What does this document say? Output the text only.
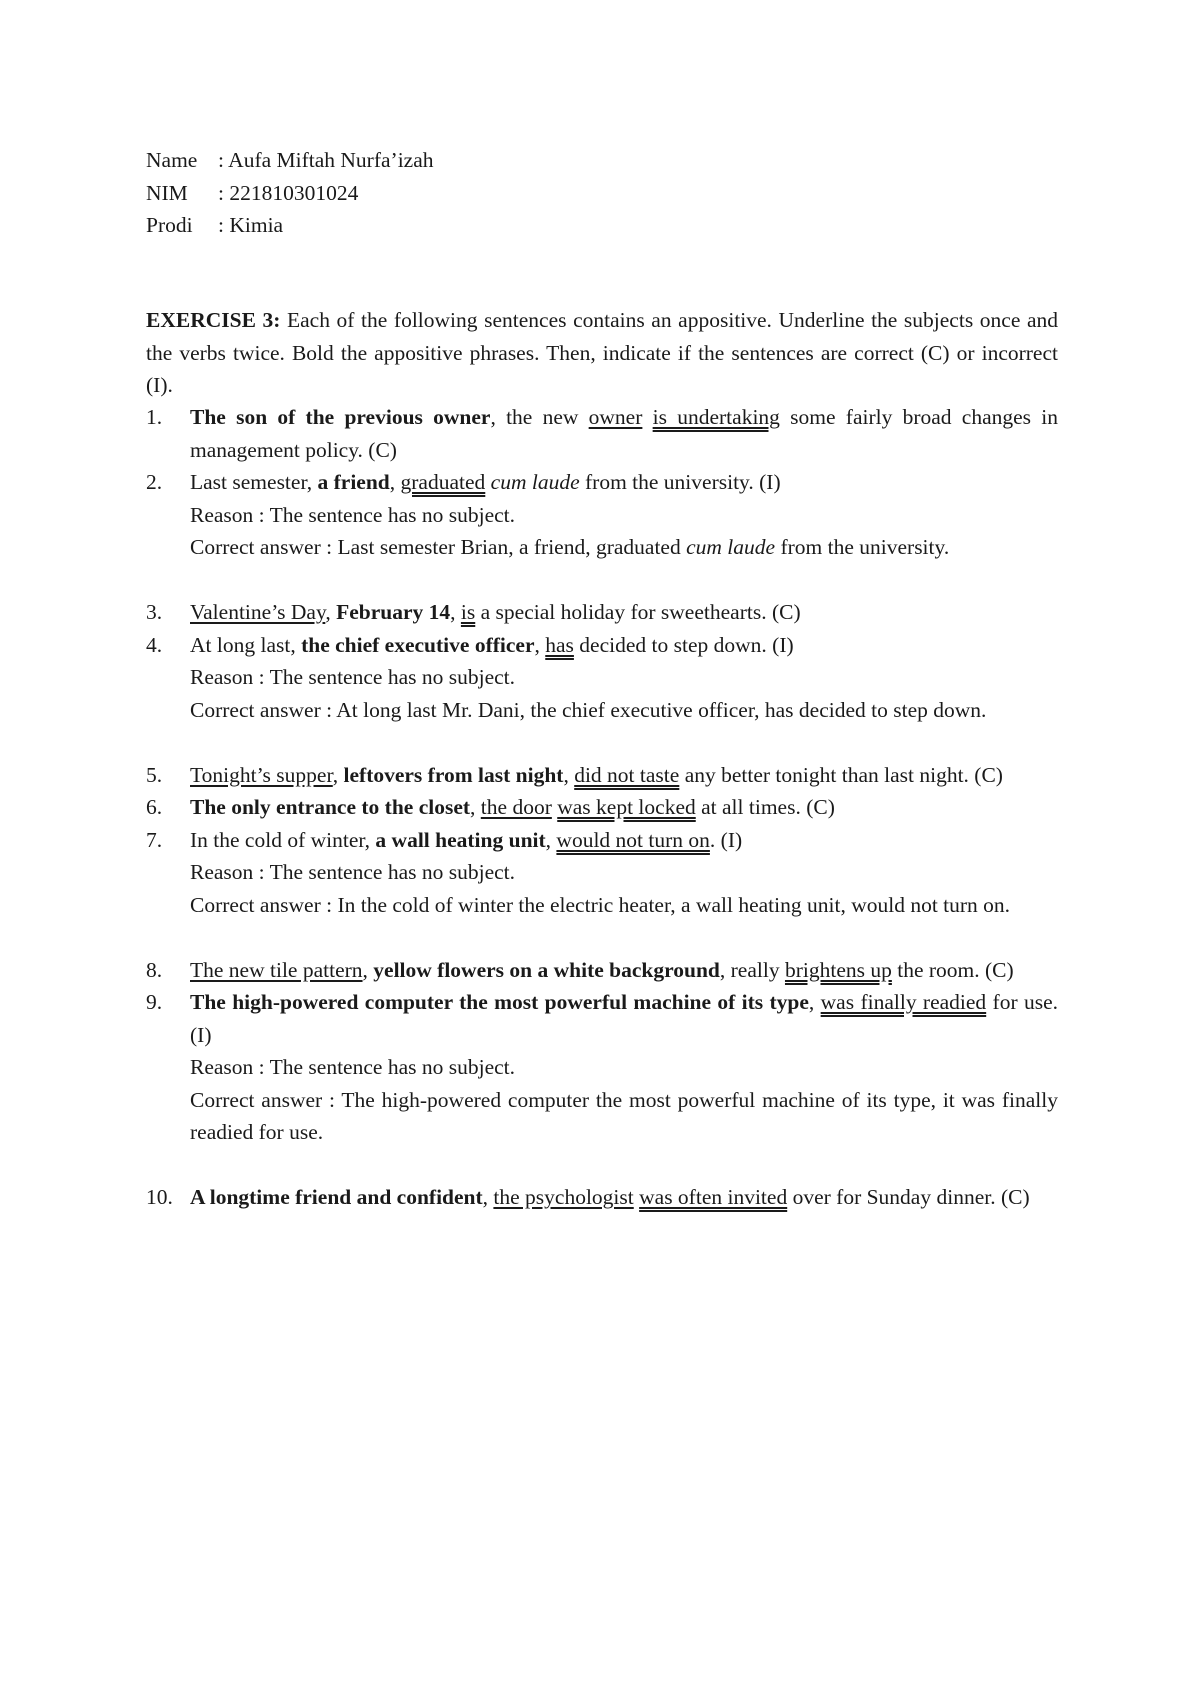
Name : Aufa Miftah Nurfa’izah
NIM	: 221810301024
Prodi	: Kimia
EXERCISE 3: Each of the following sentences contains an appositive. Underline the subjects once and the verbs twice. Bold the appositive phrases. Then, indicate if the sentences are correct (C) or incorrect (I).
1. The son of the previous owner, the new owner is undertaking some fairly broad changes in management policy. (C)
2. Last semester, a friend, graduated cum laude from the university. (I)
Reason : The sentence has no subject.
Correct answer : Last semester Brian, a friend, graduated cum laude from the university.
3. Valentine’s Day, February 14, is a special holiday for sweethearts. (C)
4. At long last, the chief executive officer, has decided to step down. (I)
Reason : The sentence has no subject.
Correct answer : At long last Mr. Dani, the chief executive officer, has decided to step down.
5. Tonight’s supper, leftovers from last night, did not taste any better tonight than last night. (C)
6. The only entrance to the closet, the door was kept locked at all times. (C)
7. In the cold of winter, a wall heating unit, would not turn on. (I)
Reason : The sentence has no subject.
Correct answer : In the cold of winter the electric heater, a wall heating unit, would not turn on.
8. The new tile pattern, yellow flowers on a white background, really brightens up the room. (C)
9. The high-powered computer the most powerful machine of its type, was finally readied for use. (I)
Reason : The sentence has no subject.
Correct answer : The high-powered computer the most powerful machine of its type, it was finally readied for use.
10. A longtime friend and confident, the psychologist was often invited over for Sunday dinner. (C)
